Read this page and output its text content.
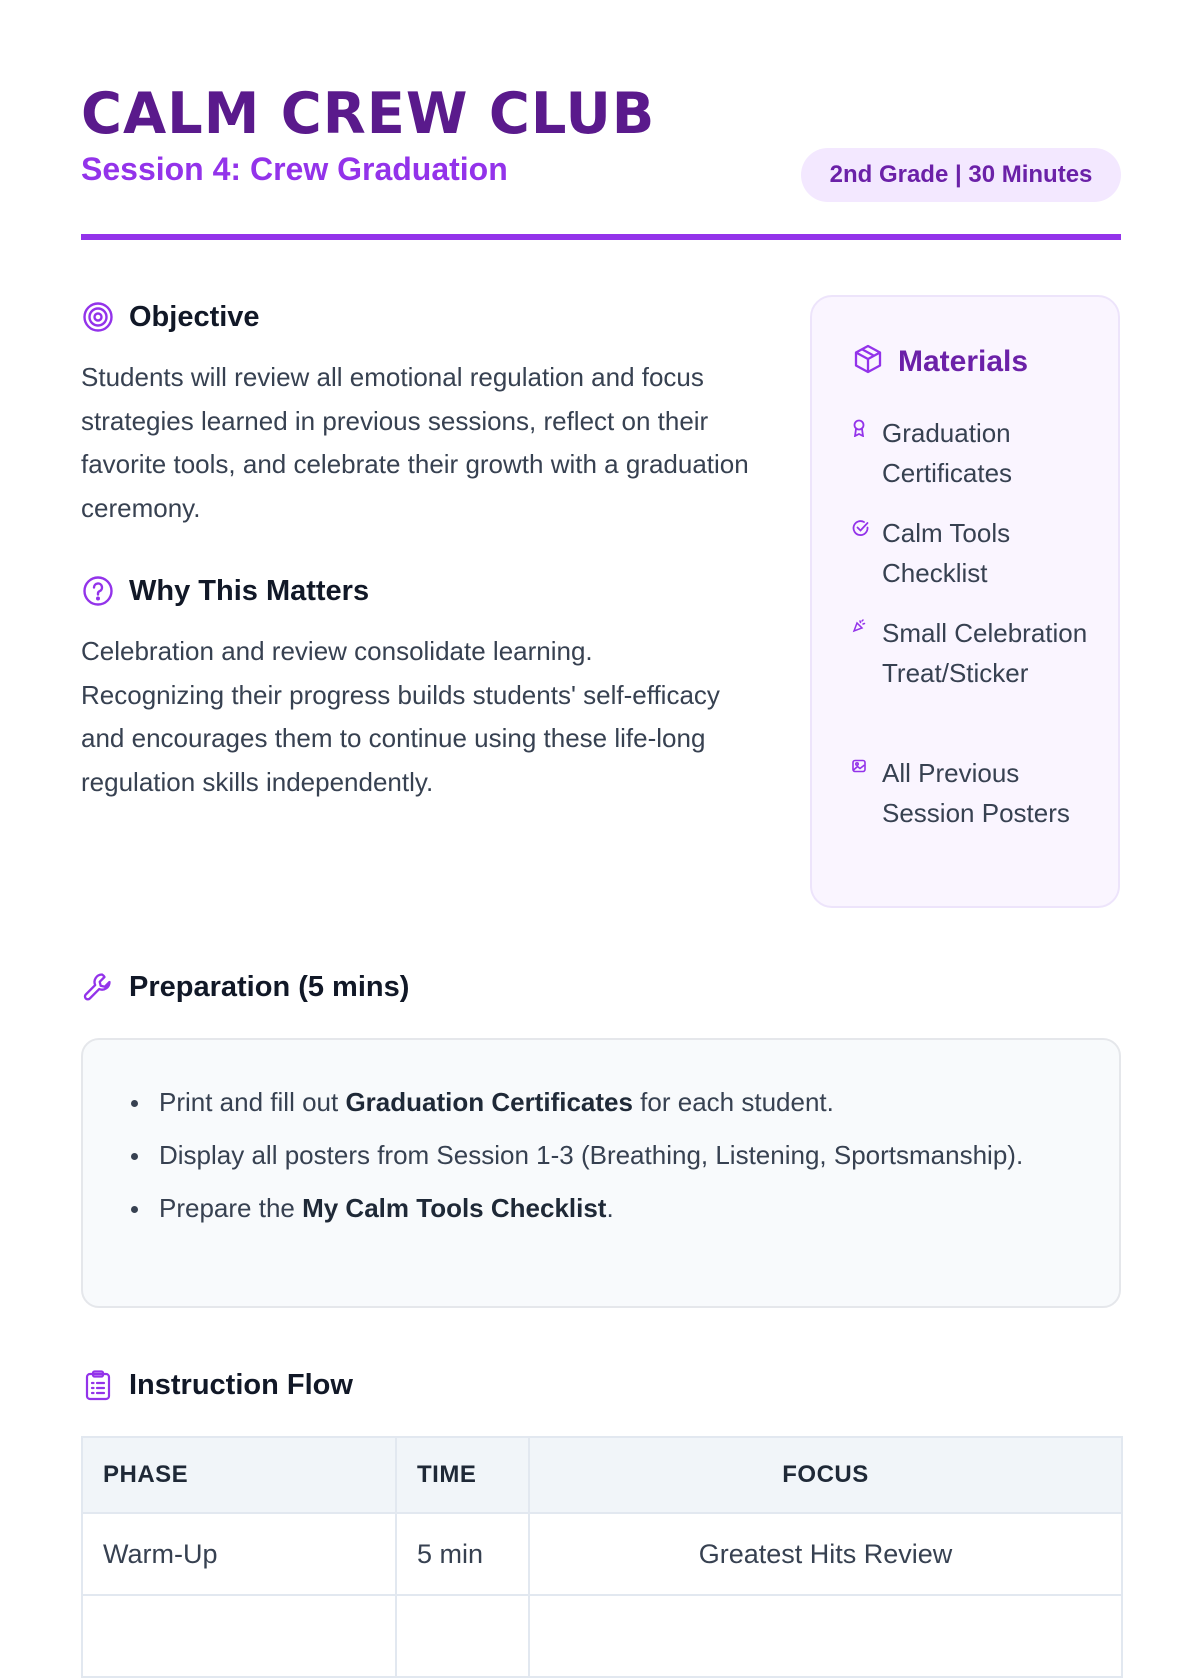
CALM CREW CLUB

Session 4: Crew Graduation	2nd Grade | 30 Minutes
Objective

Students will review all emotional regulation and focus strategies learned in previous sessions, reflect on their favorite tools, and celebrate their growth with a graduation ceremony.

Why This Matters

Celebration and review consolidate learning. Recognizing their progress builds students' self-efficacy and encourages them to continue using these life-long regulation skills independently.

Materials
Graduation Certificates
Calm Tools Checklist
Small Celebration Treat/Sticker
All Previous Session Posters
Preparation (5 mins)
Print and fill out Graduation Certificates for each student.
Display all posters from Session 1-3 (Breathing, Listening, Sportsmanship).
Prepare the My Calm Tools Checklist.
Instruction Flow
PHASE	TIME	FOCUS
Warm-Up	5 min	Greatest Hits Review
